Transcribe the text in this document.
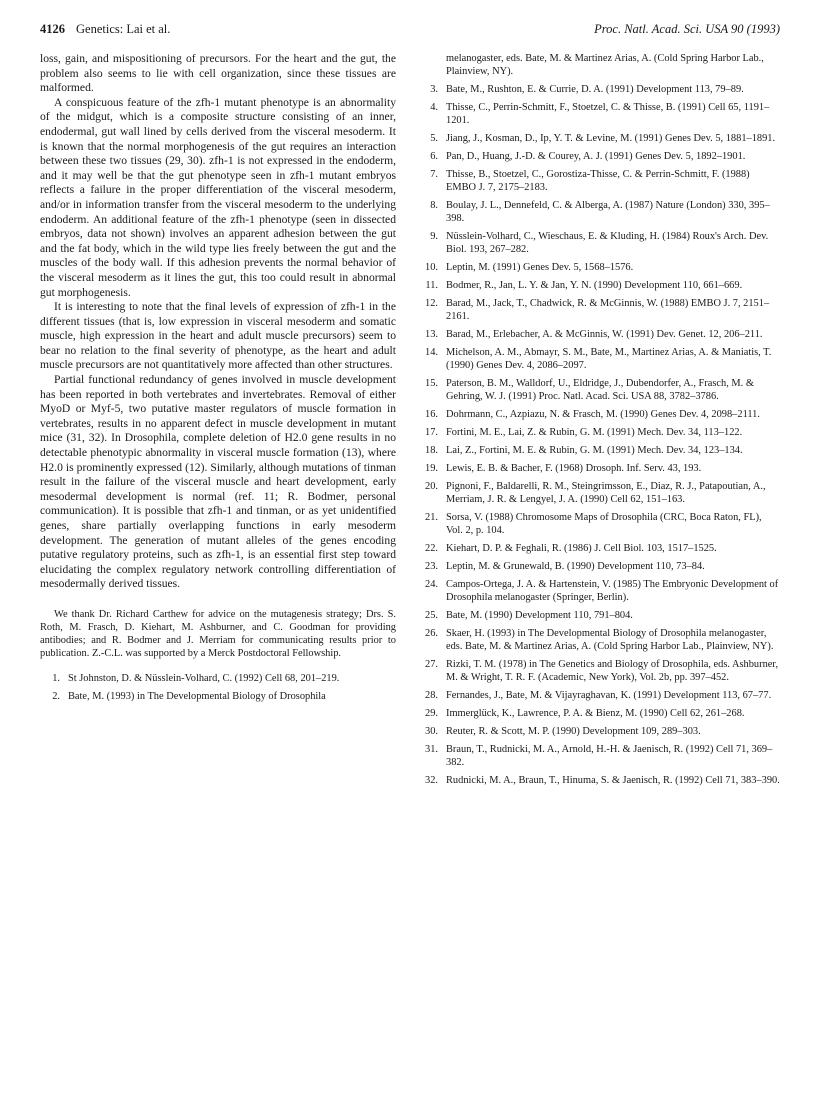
4126 Genetics: Lai et al.	Proc. Natl. Acad. Sci. USA 90 (1993)

loss, gain, and mispositioning of precursors. For the heart and the gut, the problem also seems to lie with cell organization, since these tissues are malformed.

A conspicuous feature of the zfh-1 mutant phenotype is an abnormality of the midgut, which is a composite structure consisting of an inner, endodermal, gut wall lined by cells derived from the visceral mesoderm. It is known that the normal morphogenesis of the gut requires an interaction between these two tissues (29, 30). zfh-1 is not expressed in the endoderm, and it may well be that the gut phenotype seen in zfh-1 mutant embryos reflects a failure in the proper differentiation of the visceral mesoderm, and/or in information transfer from the visceral mesoderm to the underlying endoderm. An additional feature of the zfh-1 phenotype (seen in dissected embryos, data not shown) involves an apparent adhesion between the gut and the fat body, which in the wild type lies freely between the gut and the muscles of the body wall. If this adhesion prevents the normal behavior of the visceral mesoderm as it lines the gut, this too could result in abnormal gut morphogenesis.

It is interesting to note that the final levels of expression of zfh-1 in the different tissues (that is, low expression in visceral mesoderm and somatic muscle, high expression in the heart and adult muscle precursors) seem to bear no relation to the final severity of phenotype, as the heart and adult muscle precursors are not quantitatively more affected than other structures.

Partial functional redundancy of genes involved in muscle development has been reported in both vertebrates and invertebrates. Removal of either MyoD or Myf-5, two putative master regulators of muscle formation in vertebrates, results in no apparent defect in muscle development in mutant mice (31, 32). In Drosophila, complete deletion of H2.0 gene results in no detectable phenotypic abnormality in visceral muscle formation (13), where H2.0 is prominently expressed (12). Similarly, although mutations of tinman result in the failure of the visceral muscle and heart development, early mesodermal development is normal (ref. 11; R. Bodmer, personal communication). It is possible that zfh-1 and tinman, or as yet unidentified genes, share partially overlapping functions in early mesoderm development. The generation of mutant alleles of the genes encoding putative regulatory proteins, such as zfh-1, is an essential first step toward elucidating the complex regulatory network controlling differentiation of mesodermally derived tissues.

We thank Dr. Richard Carthew for advice on the mutagenesis strategy; Drs. S. Roth, M. Frasch, D. Kiehart, M. Ashburner, and C. Goodman for providing antibodies; and R. Bodmer and J. Merriam for communicating results prior to publication. Z.-C.L. was supported by a Merck Postdoctoral Fellowship.

1. St Johnston, D. & Nüsslein-Volhard, C. (1992) Cell 68, 201–219.
2. Bate, M. (1993) in The Developmental Biology of Drosophila
melanogaster, eds. Bate, M. & Martinez Arias, A. (Cold Spring Harbor Lab., Plainview, NY).
3. Bate, M., Rushton, E. & Currie, D. A. (1991) Development 113, 79–89.
4. Thisse, C., Perrin-Schmitt, F., Stoetzel, C. & Thisse, B. (1991) Cell 65, 1191–1201.
5. Jiang, J., Kosman, D., Ip, Y. T. & Levine, M. (1991) Genes Dev. 5, 1881–1891.
6. Pan, D., Huang, J.-D. & Courey, A. J. (1991) Genes Dev. 5, 1892–1901.
7. Thisse, B., Stoetzel, C., Gorostiza-Thisse, C. & Perrin-Schmitt, F. (1988) EMBO J. 7, 2175–2183.
8. Boulay, J. L., Dennefeld, C. & Alberga, A. (1987) Nature (London) 330, 395–398.
9. Nüsslein-Volhard, C., Wieschaus, E. & Kluding, H. (1984) Roux's Arch. Dev. Biol. 193, 267–282.
10. Leptin, M. (1991) Genes Dev. 5, 1568–1576.
11. Bodmer, R., Jan, L. Y. & Jan, Y. N. (1990) Development 110, 661–669.
12. Barad, M., Jack, T., Chadwick, R. & McGinnis, W. (1988) EMBO J. 7, 2151–2161.
13. Barad, M., Erlebacher, A. & McGinnis, W. (1991) Dev. Genet. 12, 206–211.
14. Michelson, A. M., Abmayr, S. M., Bate, M., Martinez Arias, A. & Maniatis, T. (1990) Genes Dev. 4, 2086–2097.
15. Paterson, B. M., Walldorf, U., Eldridge, J., Dubendorfer, A., Frasch, M. & Gehring, W. J. (1991) Proc. Natl. Acad. Sci. USA 88, 3782–3786.
16. Dohrmann, C., Azpiazu, N. & Frasch, M. (1990) Genes Dev. 4, 2098–2111.
17. Fortini, M. E., Lai, Z. & Rubin, G. M. (1991) Mech. Dev. 34, 113–122.
18. Lai, Z., Fortini, M. E. & Rubin, G. M. (1991) Mech. Dev. 34, 123–134.
19. Lewis, E. B. & Bacher, F. (1968) Drosoph. Inf. Serv. 43, 193.
20. Pignoni, F., Baldarelli, R. M., Steingrimsson, E., Diaz, R. J., Patapoutian, A., Merriam, J. R. & Lengyel, J. A. (1990) Cell 62, 151–163.
21. Sorsa, V. (1988) Chromosome Maps of Drosophila (CRC, Boca Raton, FL), Vol. 2, p. 104.
22. Kiehart, D. P. & Feghali, R. (1986) J. Cell Biol. 103, 1517–1525.
23. Leptin, M. & Grunewald, B. (1990) Development 110, 73–84.
24. Campos-Ortega, J. A. & Hartenstein, V. (1985) The Embryonic Development of Drosophila melanogaster (Springer, Berlin).
25. Bate, M. (1990) Development 110, 791–804.
26. Skaer, H. (1993) in The Developmental Biology of Drosophila melanogaster, eds. Bate, M. & Martinez Arias, A. (Cold Spring Harbor Lab., Plainview, NY).
27. Rizki, T. M. (1978) in The Genetics and Biology of Drosophila, eds. Ashburner, M. & Wright, T. R. F. (Academic, New York), Vol. 2b, pp. 397–452.
28. Fernandes, J., Bate, M. & Vijayraghavan, K. (1991) Development 113, 67–77.
29. Immerglück, K., Lawrence, P. A. & Bienz, M. (1990) Cell 62, 261–268.
30. Reuter, R. & Scott, M. P. (1990) Development 109, 289–303.
31. Braun, T., Rudnicki, M. A., Arnold, H.-H. & Jaenisch, R. (1992) Cell 71, 369–382.
32. Rudnicki, M. A., Braun, T., Hinuma, S. & Jaenisch, R. (1992) Cell 71, 383–390.
